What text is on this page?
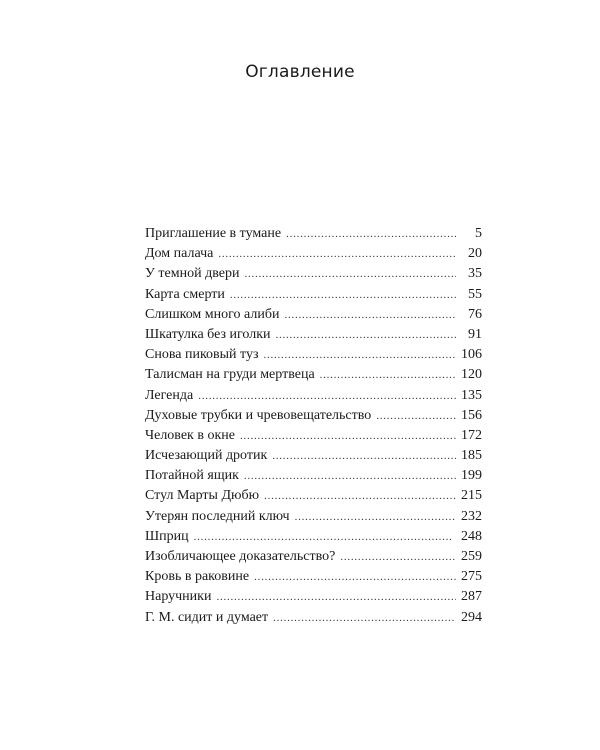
Оглавление
Приглашение в тумане . . .	5
Дом палача . . .	20
У темной двери . . .	35
Карта смерти . . .	55
Слишком много алиби . . .	76
Шкатулка без иголки . . .	91
Снова пиковый туз . . .	106
Талисман на груди мертвеца . . .	120
Легенда . . .	135
Духовые трубки и чревовещательство . . .	156
Человек в окне . . .	172
Исчезающий дротик . . .	185
Потайной ящик . . .	199
Стул Марты Дюбю . . .	215
Утерян последний ключ . . .	232
Шприц . . .	248
Изобличающее доказательство? . . .	259
Кровь в раковине . . .	275
Наручники . . .	287
Г. М. сидит и думает . . .	294
